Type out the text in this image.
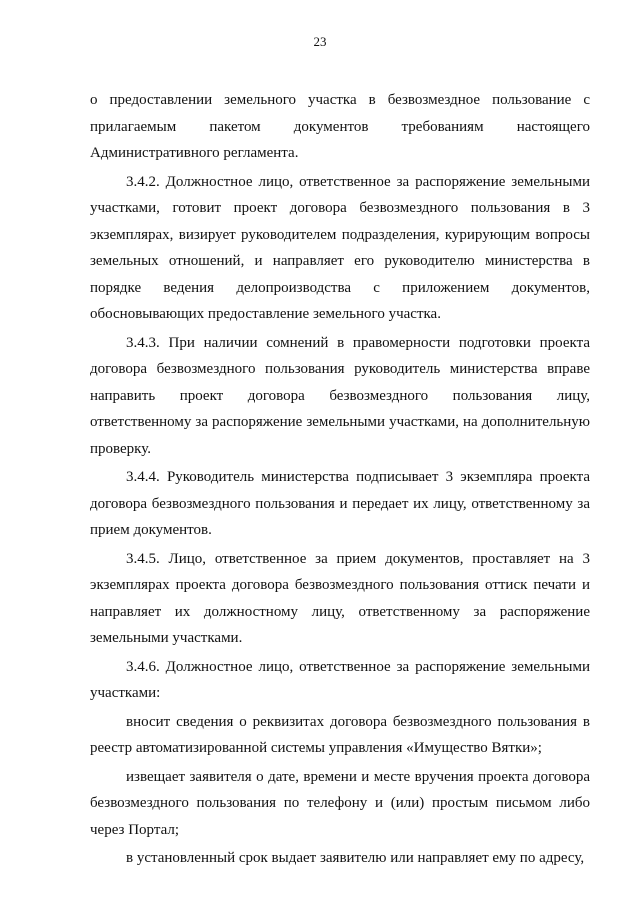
23

о предоставлении земельного участка в безвозмездное пользование с прилагаемым пакетом документов требованиям настоящего Административного регламента.

3.4.2. Должностное лицо, ответственное за распоряжение земельными участками, готовит проект договора безвозмездного пользования в 3 экземплярах, визирует руководителем подразделения, курирующим вопросы земельных отношений, и направляет его руководителю министерства в порядке ведения делопроизводства с приложением документов, обосновывающих предоставление земельного участка.

3.4.3. При наличии сомнений в правомерности подготовки проекта договора безвозмездного пользования руководитель министерства вправе направить проект договора безвозмездного пользования лицу, ответственному за распоряжение земельными участками, на дополнительную проверку.

3.4.4. Руководитель министерства подписывает 3 экземпляра проекта договора безвозмездного пользования и передает их лицу, ответственному за прием документов.

3.4.5. Лицо, ответственное за прием документов, проставляет на 3 экземплярах проекта договора безвозмездного пользования оттиск печати и направляет их должностному лицу, ответственному за распоряжение земельными участками.

3.4.6. Должностное лицо, ответственное за распоряжение земельными участками:

вносит сведения о реквизитах договора безвозмездного пользования в реестр автоматизированной системы управления «Имущество Вятки»;

извещает заявителя о дате, времени и месте вручения проекта договора безвозмездного пользования по телефону и (или) простым письмом либо через Портал;

в установленный срок выдает заявителю или направляет ему по адресу,
